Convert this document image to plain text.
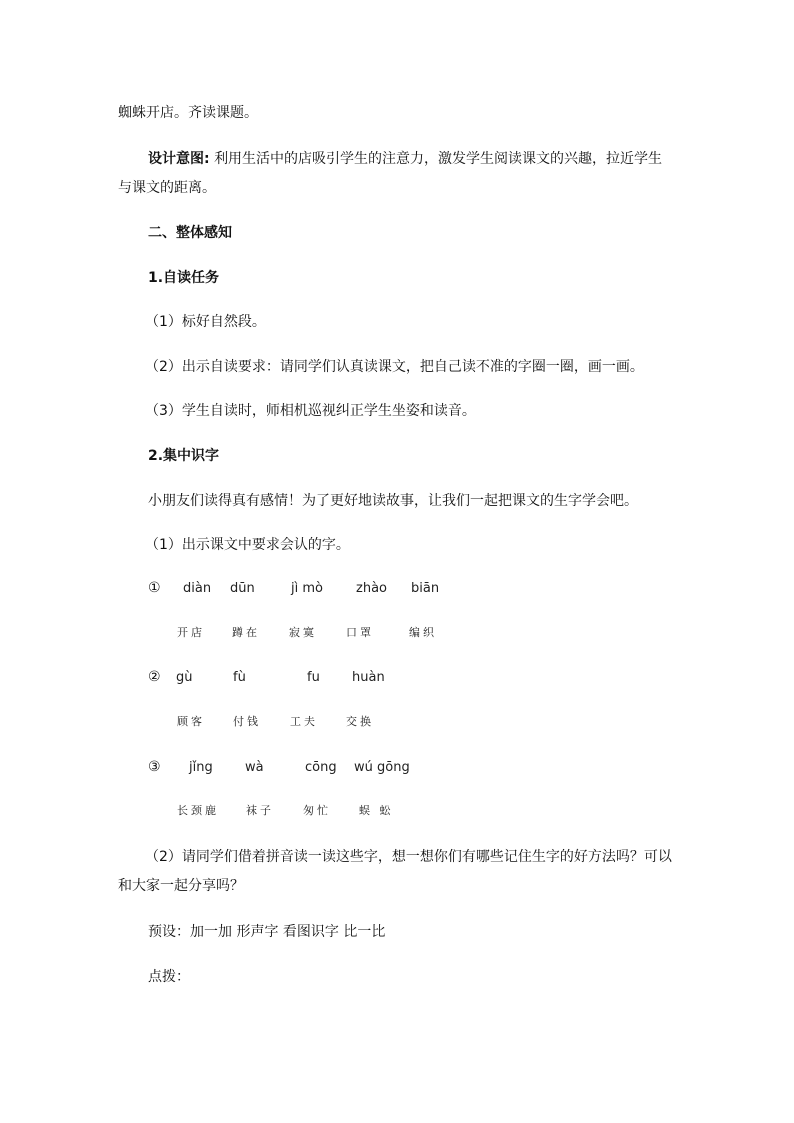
蜘蛛开店。齐读课题。
设计意图: 利用生活中的店吸引学生的注意力，激发学生阅读课文的兴趣，拉近学生
与课文的距离。
二、整体感知
1.自读任务
（1）标好自然段。
（2）出示自读要求：请同学们认真读课文，把自己读不准的字圈一圈，画一画。
（3）学生自读时，师相机巡视纠正学生坐姿和读音。
2.集中识字
小朋友们读得真有感情！为了更好地读故事，让我们一起把课文的生字学会吧。
（1）出示课文中要求会认的字。
① diàn dūn	jì mò	zhào biān
开店 蹲在	寂寞	口罩	编织
② gù	fù	fu huàn
顾客	付钱	工夫	交换
③ jǐng wà	cōng wú gōng
长颈鹿 袜子	匆忙	蜈 蚣
（2）请同学们借着拼音读一读这些字，想一想你们有哪些记住生字的好方法吗？可以
和大家一起分享吗？
预设：加一加 形声字 看图识字 比一比
点拨：
